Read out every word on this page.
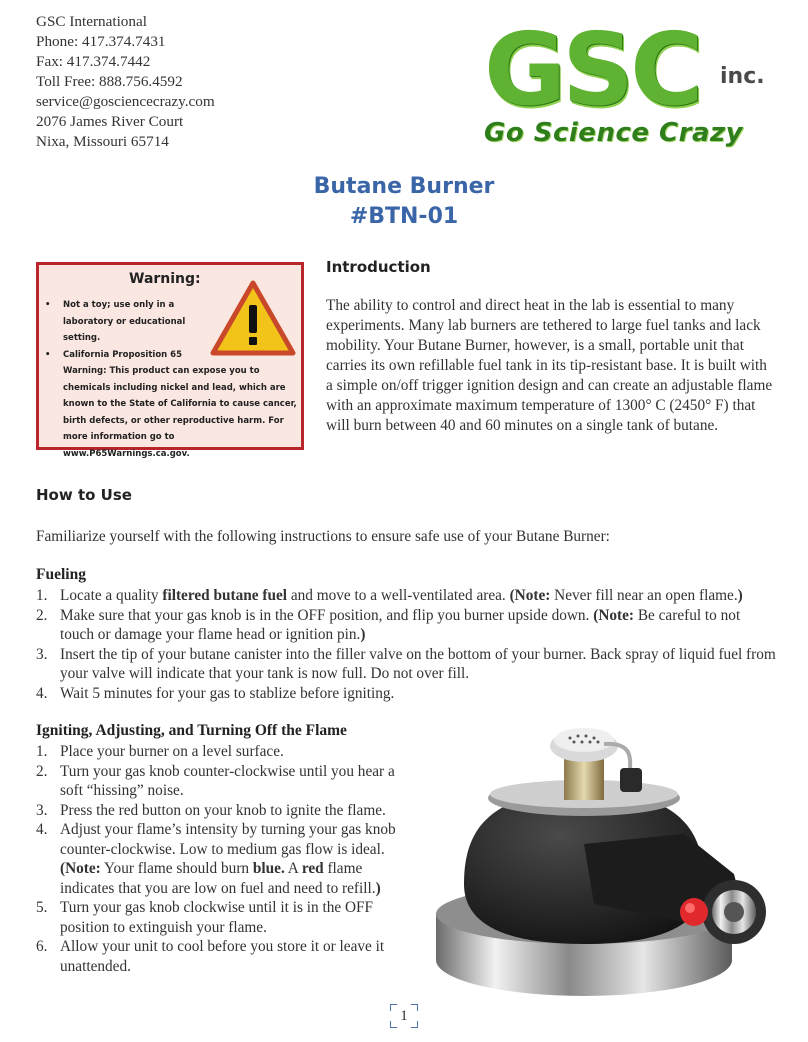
GSC International
Phone: 417.374.7431
Fax: 417.374.7442
Toll Free: 888.756.4592
service@gosciencecrazy.com
2076 James River Court
Nixa, Missouri 65714
GSC inc.
Go Science Crazy
Butane Burner
#BTN-01
Warning:
• Not a toy; use only in a laboratory or educational setting.
• California Proposition 65
Warning: This product can expose you to chemicals including nickel and lead, which are known to the State of California to cause cancer, birth defects, or other reproductive harm. For more information go to www.P65Warnings.ca.gov.
Introduction
The ability to control and direct heat in the lab is essential to many experiments. Many lab burners are tethered to large fuel tanks and lack mobility. Your Butane Burner, however, is a small, portable unit that carries its own refillable fuel tank in its tip-resistant base. It is built with a simple on/off trigger ignition design and can create an adjustable flame with an approximate maximum temperature of 1300° C (2450° F) that will burn between 40 and 60 minutes on a single tank of butane.
How to Use
Familiarize yourself with the following instructions to ensure safe use of your Butane Burner:
Fueling
1. Locate a quality filtered butane fuel and move to a well-ventilated area. (Note: Never fill near an open flame.)
2. Make sure that your gas knob is in the OFF position, and flip you burner upside down. (Note: Be careful to not touch or damage your flame head or ignition pin.)
3. Insert the tip of your butane canister into the filler valve on the bottom of your burner. Back spray of liquid fuel from your valve will indicate that your tank is now full. Do not over fill.
4. Wait 5 minutes for your gas to stablize before igniting.
Igniting, Adjusting, and Turning Off the Flame
1. Place your burner on a level surface.
2. Turn your gas knob counter-clockwise until you hear a soft “hissing” noise.
3. Press the red button on your knob to ignite the flame.
4. Adjust your flame’s intensity by turning your gas knob counter-clockwise. Low to medium gas flow is ideal. (Note: Your flame should burn blue. A red flame indicates that you are low on fuel and need to refill.)
5. Turn your gas knob clockwise until it is in the OFF position to extinguish your flame.
6. Allow your unit to cool before you store it or leave it unattended.
1
